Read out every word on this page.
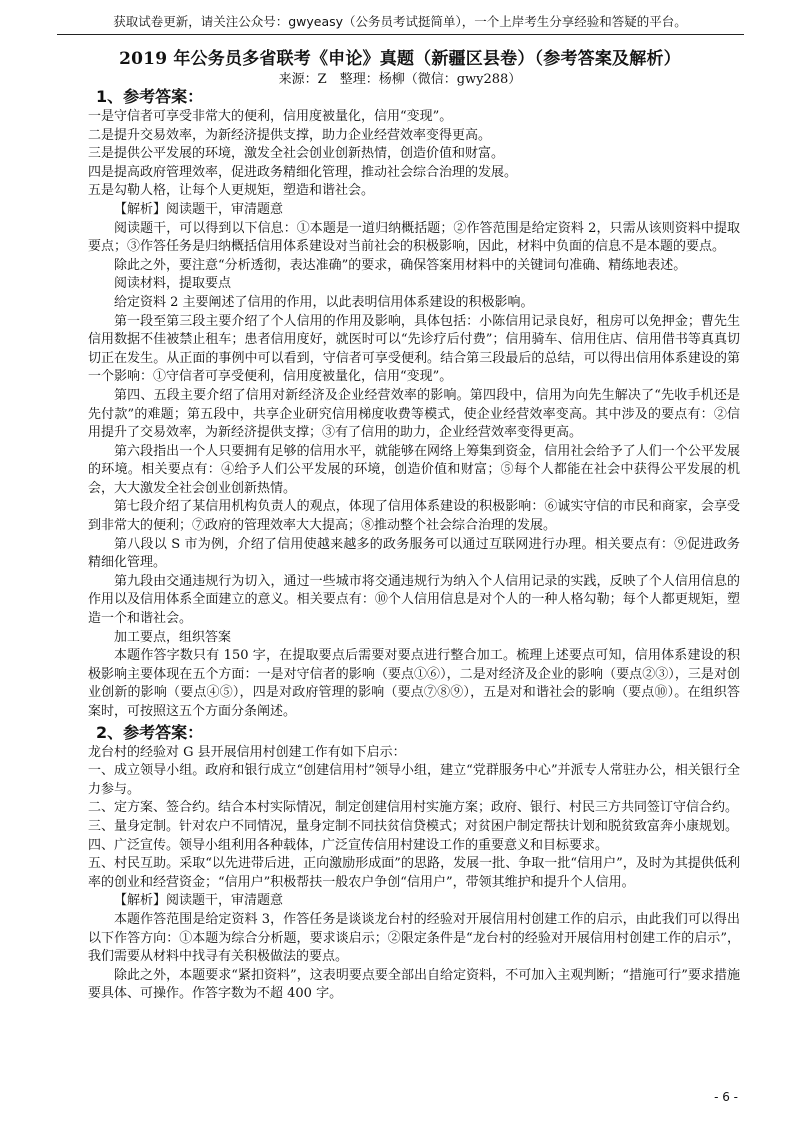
获取试卷更新，请关注公众号：gwyeasy（公务员考试挺简单），一个上岸考生分享经验和答疑的平台。
2019 年公务员多省联考《申论》真题（新疆区县卷）（参考答案及解析）
来源：Z　整理：杨柳（微信：gwy288）

1、参考答案：

一是守信者可享受非常大的便利，信用度被量化，信用“变现”。

二是提升交易效率，为新经济提供支撑，助力企业经营效率变得更高。

三是提供公平发展的环境，激发全社会创业创新热情，创造价值和财富。

四是提高政府管理效率，促进政务精细化管理，推动社会综合治理的发展。

五是勾勒人格，让每个人更规矩，塑造和谐社会。

【解析】阅读题干，审清题意

阅读题干，可以得到以下信息：①本题是一道归纳概括题；②作答范围是给定资料 2，只需从该则资料中提取要点；③作答任务是归纳概括信用体系建设对当前社会的积极影响，因此，材料中负面的信息不是本题的要点。

除此之外，要注意“分析透彻，表达准确”的要求，确保答案用材料中的关键词句准确、精练地表述。

阅读材料，提取要点

给定资料 2 主要阐述了信用的作用，以此表明信用体系建设的积极影响。

第一段至第三段主要介绍了个人信用的作用及影响，具体包括：小陈信用记录良好，租房可以免押金；曹先生信用数据不佳被禁止租车；患者信用度好，就医时可以“先诊疗后付费”；信用骑车、信用住店、信用借书等真真切切正在发生。从正面的事例中可以看到，守信者可享受便利。结合第三段最后的总结，可以得出信用体系建设的第一个影响：①守信者可享受便利，信用度被量化，信用“变现”。

第四、五段主要介绍了信用对新经济及企业经营效率的影响。第四段中，信用为向先生解决了“先收手机还是先付款”的难题；第五段中，共享企业研究信用梯度收费等模式，使企业经营效率变高。其中涉及的要点有：②信用提升了交易效率，为新经济提供支撑；③有了信用的助力，企业经营效率变得更高。

第六段指出一个人只要拥有足够的信用水平，就能够在网络上筹集到资金，信用社会给予了人们一个公平发展的环境。相关要点有：④给予人们公平发展的环境，创造价值和财富；⑤每个人都能在社会中获得公平发展的机会，大大激发全社会创业创新热情。

第七段介绍了某信用机构负责人的观点，体现了信用体系建设的积极影响：⑥诚实守信的市民和商家，会享受到非常大的便利；⑦政府的管理效率大大提高；⑧推动整个社会综合治理的发展。

第八段以 S 市为例，介绍了信用使越来越多的政务服务可以通过互联网进行办理。相关要点有：⑨促进政务精细化管理。

第九段由交通违规行为切入，通过一些城市将交通违规行为纳入个人信用记录的实践，反映了个人信用信息的作用以及信用体系全面建立的意义。相关要点有：⑩个人信用信息是对个人的一种人格勾勒；每个人都更规矩，塑造一个和谐社会。

加工要点，组织答案

本题作答字数只有 150 字，在提取要点后需要对要点进行整合加工。梳理上述要点可知，信用体系建设的积极影响主要体现在五个方面：一是对守信者的影响（要点①⑥），二是对经济及企业的影响（要点②③），三是对创业创新的影响（要点④⑤），四是对政府管理的影响（要点⑦⑧⑨），五是对和谐社会的影响（要点⑩）。在组织答案时，可按照这五个方面分条阐述。

2、参考答案：

龙台村的经验对 G 县开展信用村创建工作有如下启示：

一、成立领导小组。政府和银行成立“创建信用村”领导小组，建立“党群服务中心”并派专人常驻办公，相关银行全力参与。

二、定方案、签合约。结合本村实际情况，制定创建信用村实施方案；政府、银行、村民三方共同签订守信合约。

三、量身定制。针对农户不同情况，量身定制不同扶贫信贷模式；对贫困户制定帮扶计划和脱贫致富奔小康规划。

四、广泛宣传。领导小组利用各种载体，广泛宣传信用村建设工作的重要意义和目标要求。

五、村民互助。采取“以先进带后进，正向激励形成面”的思路，发展一批、争取一批“信用户”，及时为其提供低利率的创业和经营资金；“信用户”积极帮扶一般农户争创“信用户”，带领其维护和提升个人信用。

【解析】阅读题干，审清题意

本题作答范围是给定资料 3，作答任务是谈谈龙台村的经验对开展信用村创建工作的启示，由此我们可以得出以下作答方向：①本题为综合分析题，要求谈启示；②限定条件是“龙台村的经验对开展信用村创建工作的启示”，我们需要从材料中找寻有关积极做法的要点。

除此之外，本题要求“紧扣资料”，这表明要点要全部出自给定资料，不可加入主观判断；“措施可行”要求措施要具体、可操作。作答字数为不超 400 字。

- 6 -
